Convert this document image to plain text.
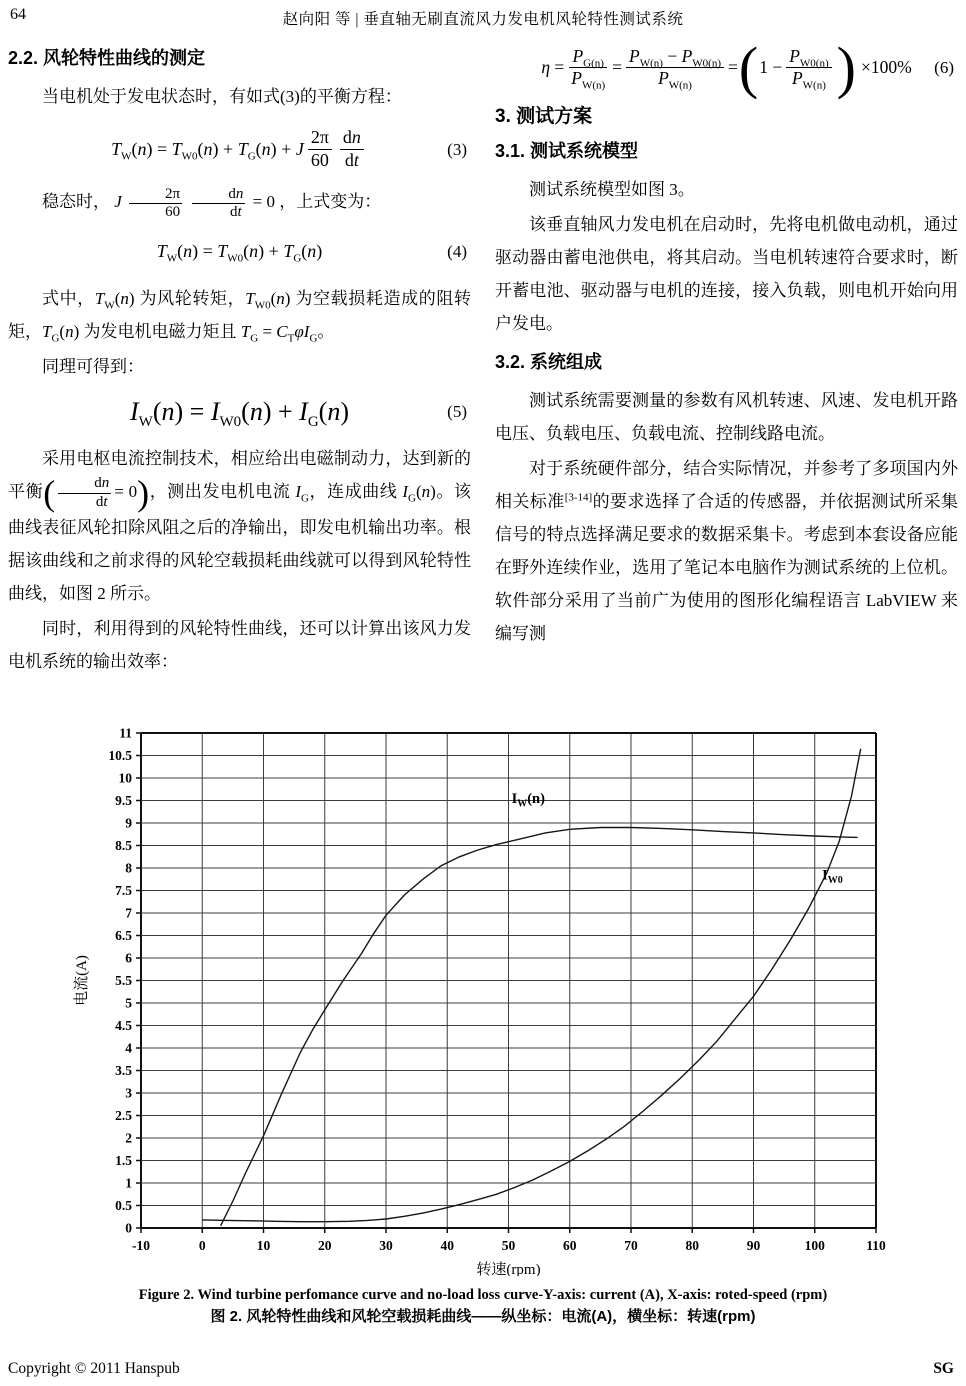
64	赵向阳 等 | 垂直轴无刷直流风力发电机风轮特性测试系统
2.2. 风轮特性曲线的测定

当电机处于发电状态时，有如式(3)的平衡方程：

$T_W(n) = T_{W0}(n) + T_G(n) + J \frac{2\pi}{60} \frac{dn}{dt}$	(3)

稳态时， J $\frac{2\pi}{60}$
$\frac{dn}{dt} = 0$ ，上式变为：

$T_W(n) = T_{W0}(n) + T_G(n)$	(4)

式中，$T_W(n)$ 为风轮转矩，$T_{W0}(n)$ 为空载损耗造成的阻转矩，$T_G(n)$ 为发电机电磁力矩且 $T_G = C_T\varphi I_G$。

同理可得到：

$I_W(n) = I_{W0}(n) + I_G(n)$	(5)

采用电枢电流控制技术，相应给出电磁制动力，达到新的平衡( $\frac{dn}{dt} = 0$)，测出发电机电流 $I_G$，连成曲线 $I_G(n)$。该曲线表征风轮扣除风阻之后的净输出，即发电机输出功率。根据该曲线和之前求得的风轮空载损耗曲线就可以得到风轮特性曲线，如图 2 所示。

同时，利用得到的风轮特性曲线，还可以计算出该风力发电机系统的输出效率：

$\eta = \frac{P_{G(n)}}{P_{W(n)}} = \frac{P_{W(n)} - P_{W0(n)}}{P_{W(n)}}$ = ( $1 - \frac{P_{W0(n)}}{P_{W(n)}}$ ) ×100% (6)
3. 测试方案
3.1. 测试系统模型

测试系统模型如图 3。

该垂直轴风力发电机在启动时，先将电机做电动机，通过驱动器由蓄电池供电，将其启动。当电机转速符合要求时，断开蓄电池、驱动器与电机的连接，接入负载，则电机开始向用户发电。

3.2. 系统组成

测试系统需要测量的参数有风机转速、风速、发电机开路电压、负载电压、负载电流、控制线路电流。

对于系统硬件部分，结合实际情况，并参考了多项国内外相关标准[3-14]的要求选择了合适的传感器，并依据测试所采集信号的特点选择满足要求的数据采集卡。考虑到本套设备应能在野外连续作业，选用了笔记本电脑作为测试系统的上位机。软件部分采用了当前广为使用的图形化编程语言 LabVIEW 来编写测

-10	0	10	20	30	40	50	60	70	80	90	100	110
0
0.5
1
1.5
2
2.5
3
3.5
4
4.5
5
5.5
6
6.5
7
7.5
8
8.5
9
9.5
10
10.5
11
$I_W(n)$
$I_{W0}$
转速(rpm)
电流(A)

Figure 2. Wind turbine perfomance curve and no-load loss curve-Y-axis: current (A), X-axis: roted-speed (rpm)

图 2. 风轮特性曲线和风轮空载损耗曲线——纵坐标：电流(A)，横坐标：转速(rpm)

Copyright © 2011 Hanspub	SG
